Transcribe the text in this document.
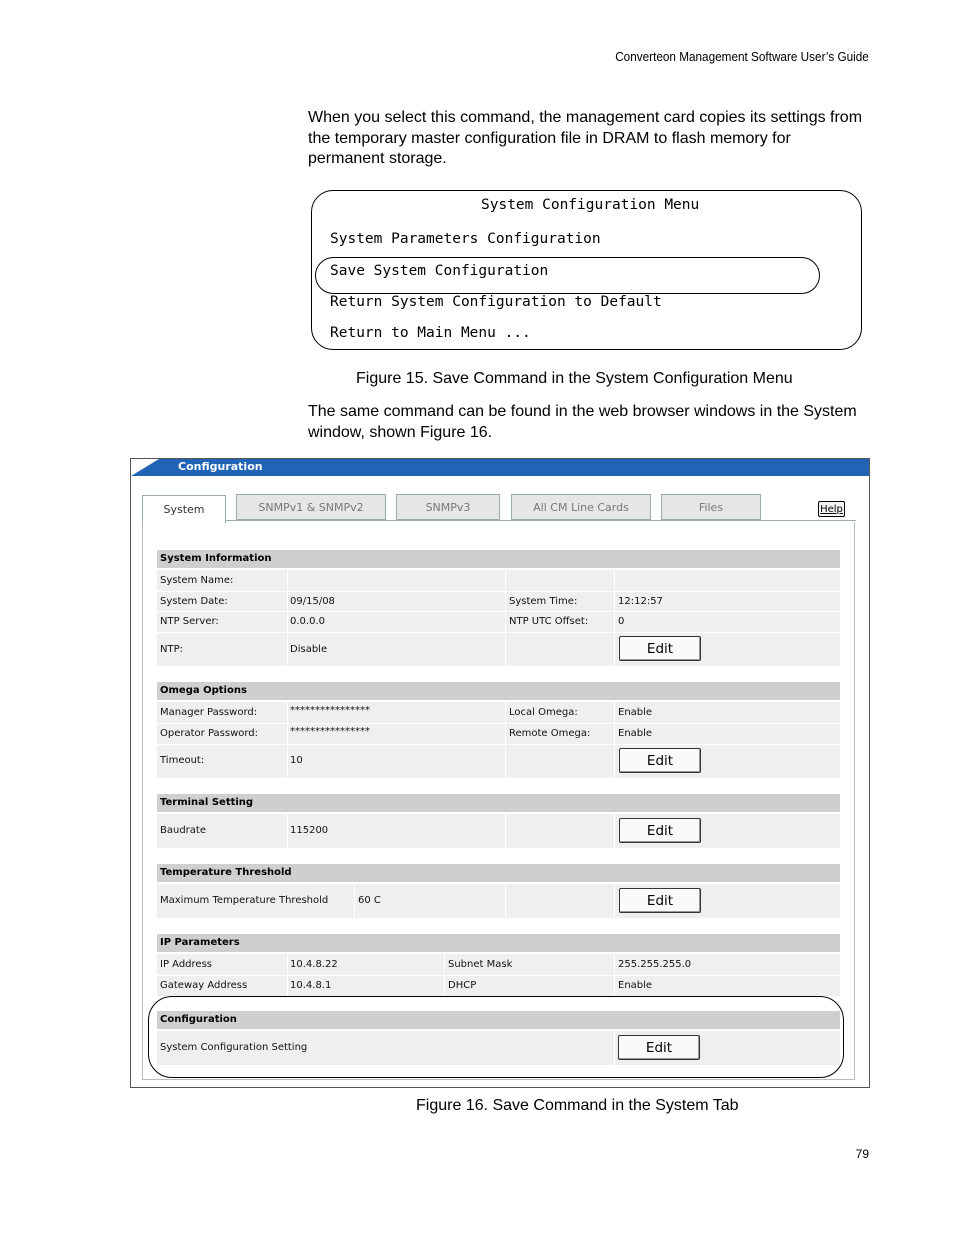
Converteon Management Software User’s Guide
When you select this command, the management card copies its settings from the temporary master configuration file in DRAM to flash memory for permanent storage.
System Configuration Menu
System Parameters Configuration
Save System Configuration
Return System Configuration to Default
Return to Main Menu ...
Figure 15. Save Command in the System Configuration Menu
The same command can be found in the web browser windows in the System window, shown Figure 16.
Configuration
System	SNMPv1 & SNMPv2	SNMPv3	All CM Line Cards	Files	Help
System Information
System Name:
System Date:	09/15/08	System Time:	12:12:57
NTP Server:	0.0.0.0	NTP UTC Offset:	0
NTP:	Disable	Edit
Omega Options
Manager Password:	****************	Local Omega:	Enable
Operator Password:	****************	Remote Omega:	Enable
Timeout:	10	Edit
Terminal Setting
Baudrate	115200	Edit
Temperature Threshold
Maximum Temperature Threshold	60 C	Edit
IP Parameters
IP Address	10.4.8.22	Subnet Mask	255.255.255.0
Gateway Address	10.4.8.1	DHCP	Enable
Configuration
System Configuration Setting	Edit
Figure 16. Save Command in the System Tab
79
